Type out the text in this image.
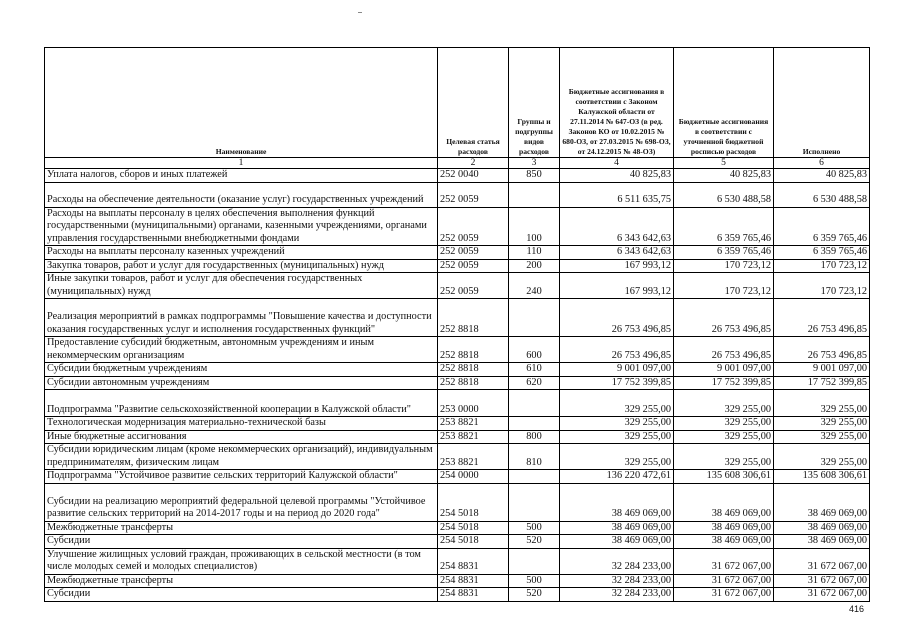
Наименование	Целевая статья расходов	Группы и подгруппы видов расходов	Бюджетные ассигнования в соответствии с Законом Калужской области от 27.11.2014 № 647-ОЗ (в ред. Законов КО от 10.02.2015 № 680-ОЗ, от 27.03.2015 № 698-ОЗ, от 24.12.2015 № 48-ОЗ)	Бюджетные ассигнования в соответствии с уточненной бюджетной росписью расходов	Исполнено
1	2	3	4	5	6
Уплата налогов, сборов и иных платежей	252 0040	850	40 825,83	40 825,83	40 825,83
Расходы на обеспечение деятельности (оказание услуг) государственных учреждений	252 0059		6 511 635,75	6 530 488,58	6 530 488,58
Расходы на выплаты персоналу в целях обеспечения выполнения функций государственными (муниципальными) органами, казенными учреждениями, органами управления государственными внебюджетными фондами	252 0059	100	6 343 642,63	6 359 765,46	6 359 765,46
Расходы на выплаты персоналу казенных учреждений	252 0059	110	6 343 642,63	6 359 765,46	6 359 765,46
Закупка товаров, работ и услуг для государственных (муниципальных) нужд	252 0059	200	167 993,12	170 723,12	170 723,12
Иные закупки товаров, работ и услуг для обеспечения государственных (муниципальных) нужд	252 0059	240	167 993,12	170 723,12	170 723,12
Реализация мероприятий в рамках подпрограммы "Повышение качества и доступности оказания государственных услуг и исполнения государственных функций"	252 8818		26 753 496,85	26 753 496,85	26 753 496,85
Предоставление субсидий бюджетным, автономным учреждениям и иным некоммерческим организациям	252 8818	600	26 753 496,85	26 753 496,85	26 753 496,85
Субсидии бюджетным учреждениям	252 8818	610	9 001 097,00	9 001 097,00	9 001 097,00
Субсидии автономным учреждениям	252 8818	620	17 752 399,85	17 752 399,85	17 752 399,85
Подпрограмма "Развитие сельскохозяйственной кооперации в Калужской области"	253 0000		329 255,00	329 255,00	329 255,00
Технологическая модернизация материально-технической базы	253 8821		329 255,00	329 255,00	329 255,00
Иные бюджетные ассигнования	253 8821	800	329 255,00	329 255,00	329 255,00
Субсидии юридическим лицам (кроме некоммерческих организаций), индивидуальным предпринимателям, физическим лицам	253 8821	810	329 255,00	329 255,00	329 255,00
Подпрограмма "Устойчивое развитие сельских территорий Калужской области"	254 0000		136 220 472,61	135 608 306,61	135 608 306,61
Субсидии на реализацию мероприятий федеральной целевой программы "Устойчивое развитие сельских территорий на 2014-2017 годы и на период до 2020 года"	254 5018		38 469 069,00	38 469 069,00	38 469 069,00
Межбюджетные трансферты	254 5018	500	38 469 069,00	38 469 069,00	38 469 069,00
Субсидии	254 5018	520	38 469 069,00	38 469 069,00	38 469 069,00
Улучшение жилищных условий граждан, проживающих в сельской местности (в том числе молодых семей и молодых специалистов)	254 8831		32 284 233,00	31 672 067,00	31 672 067,00
Межбюджетные трансферты	254 8831	500	32 284 233,00	31 672 067,00	31 672 067,00
Субсидии	254 8831	520	32 284 233,00	31 672 067,00	31 672 067,00
416
